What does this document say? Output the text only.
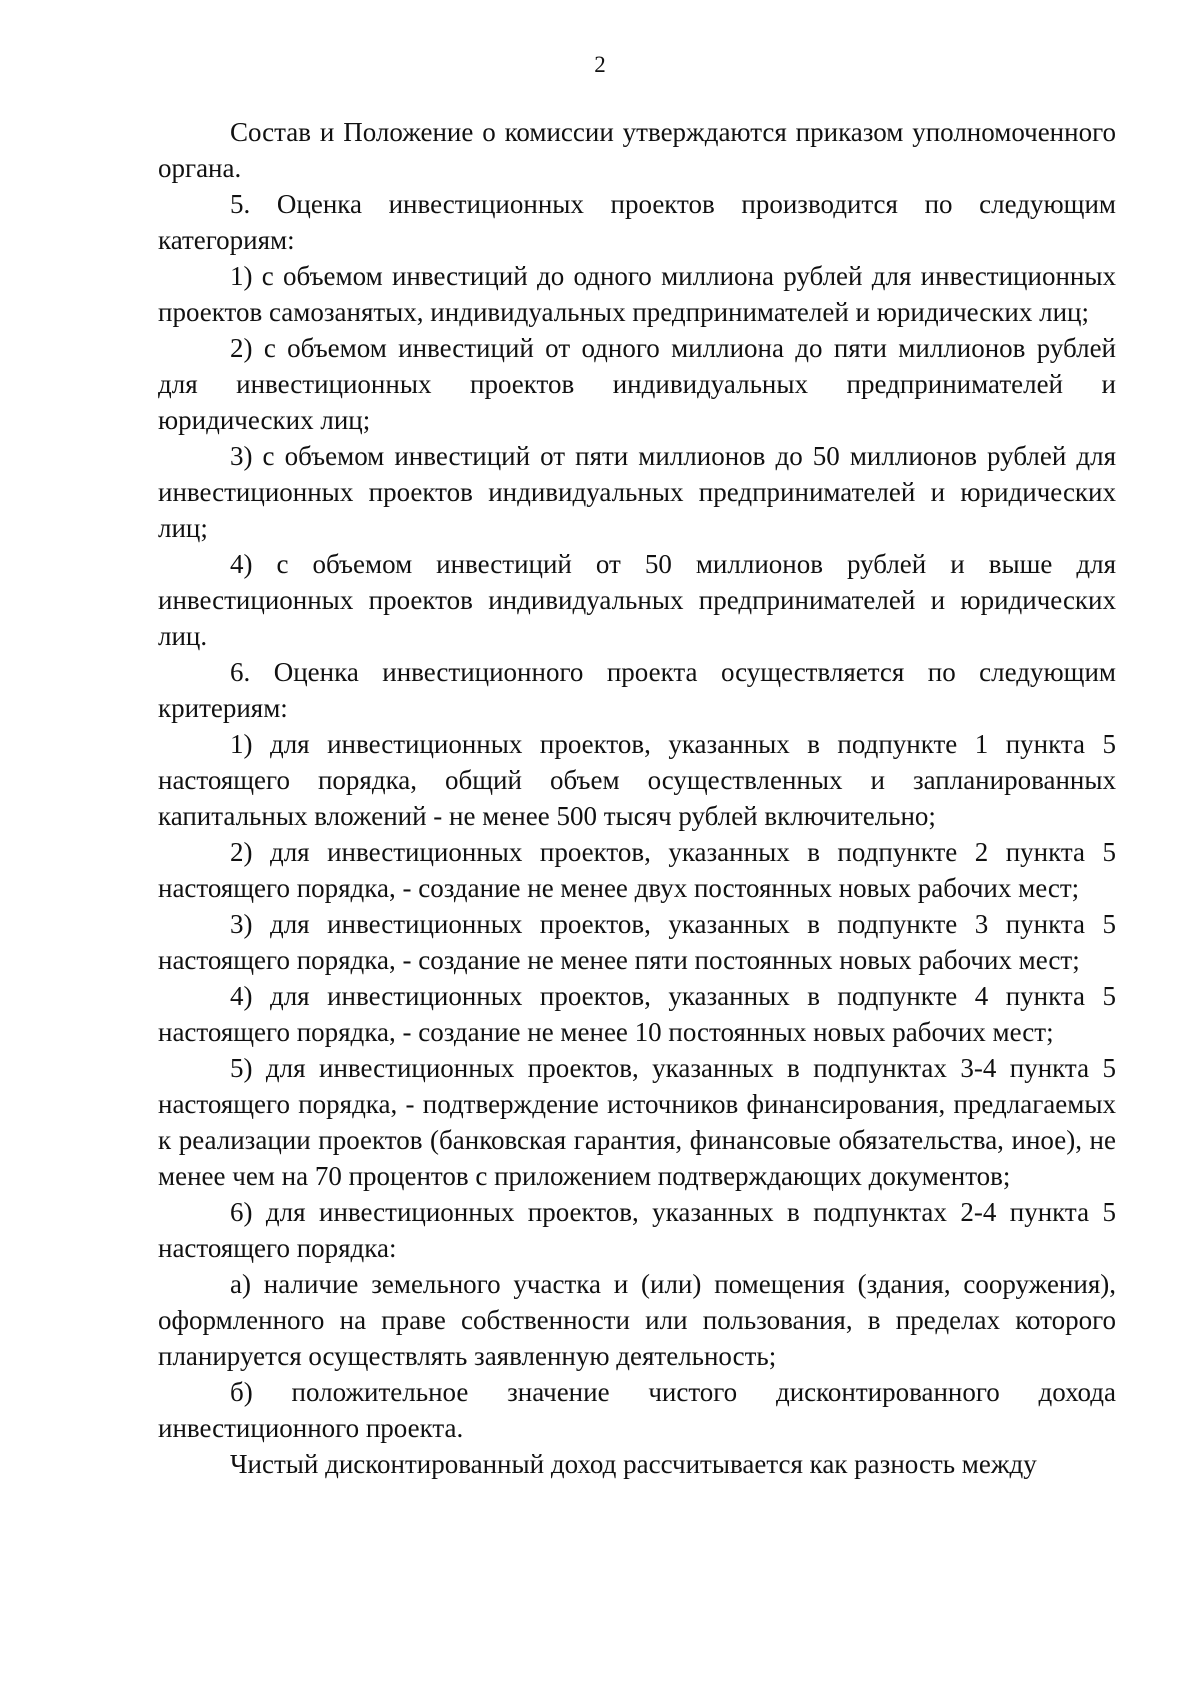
2

Состав и Положение о комиссии утверждаются приказом уполномоченного органа.

5. Оценка инвестиционных проектов производится по следующим категориям:

1) с объемом инвестиций до одного миллиона рублей для инвестиционных проектов самозанятых, индивидуальных предпринимателей и юридических лиц;

2) с объемом инвестиций от одного миллиона до пяти миллионов рублей для инвестиционных проектов индивидуальных предпринимателей и юридических лиц;

3) с объемом инвестиций от пяти миллионов до 50 миллионов рублей для инвестиционных проектов индивидуальных предпринимателей и юридических лиц;

4) с объемом инвестиций от 50 миллионов рублей и выше для инвестиционных проектов индивидуальных предпринимателей и юридических лиц.

6. Оценка инвестиционного проекта осуществляется по следующим критериям:

1) для инвестиционных проектов, указанных в подпункте 1 пункта 5 настоящего порядка, общий объем осуществленных и запланированных капитальных вложений - не менее 500 тысяч рублей включительно;

2) для инвестиционных проектов, указанных в подпункте 2 пункта 5 настоящего порядка, - создание не менее двух постоянных новых рабочих мест;

3) для инвестиционных проектов, указанных в подпункте 3 пункта 5 настоящего порядка, - создание не менее пяти постоянных новых рабочих мест;

4) для инвестиционных проектов, указанных в подпункте 4 пункта 5 настоящего порядка, - создание не менее 10 постоянных новых рабочих мест;

5) для инвестиционных проектов, указанных в подпунктах 3-4 пункта 5 настоящего порядка, - подтверждение источников финансирования, предлагаемых к реализации проектов (банковская гарантия, финансовые обязательства, иное), не менее чем на 70 процентов с приложением подтверждающих документов;

6) для инвестиционных проектов, указанных в подпунктах 2-4 пункта 5 настоящего порядка:

а) наличие земельного участка и (или) помещения (здания, сооружения), оформленного на праве собственности или пользования, в пределах которого планируется осуществлять заявленную деятельность;

б) положительное значение чистого дисконтированного дохода инвестиционного проекта.

Чистый дисконтированный доход рассчитывается как разность между
